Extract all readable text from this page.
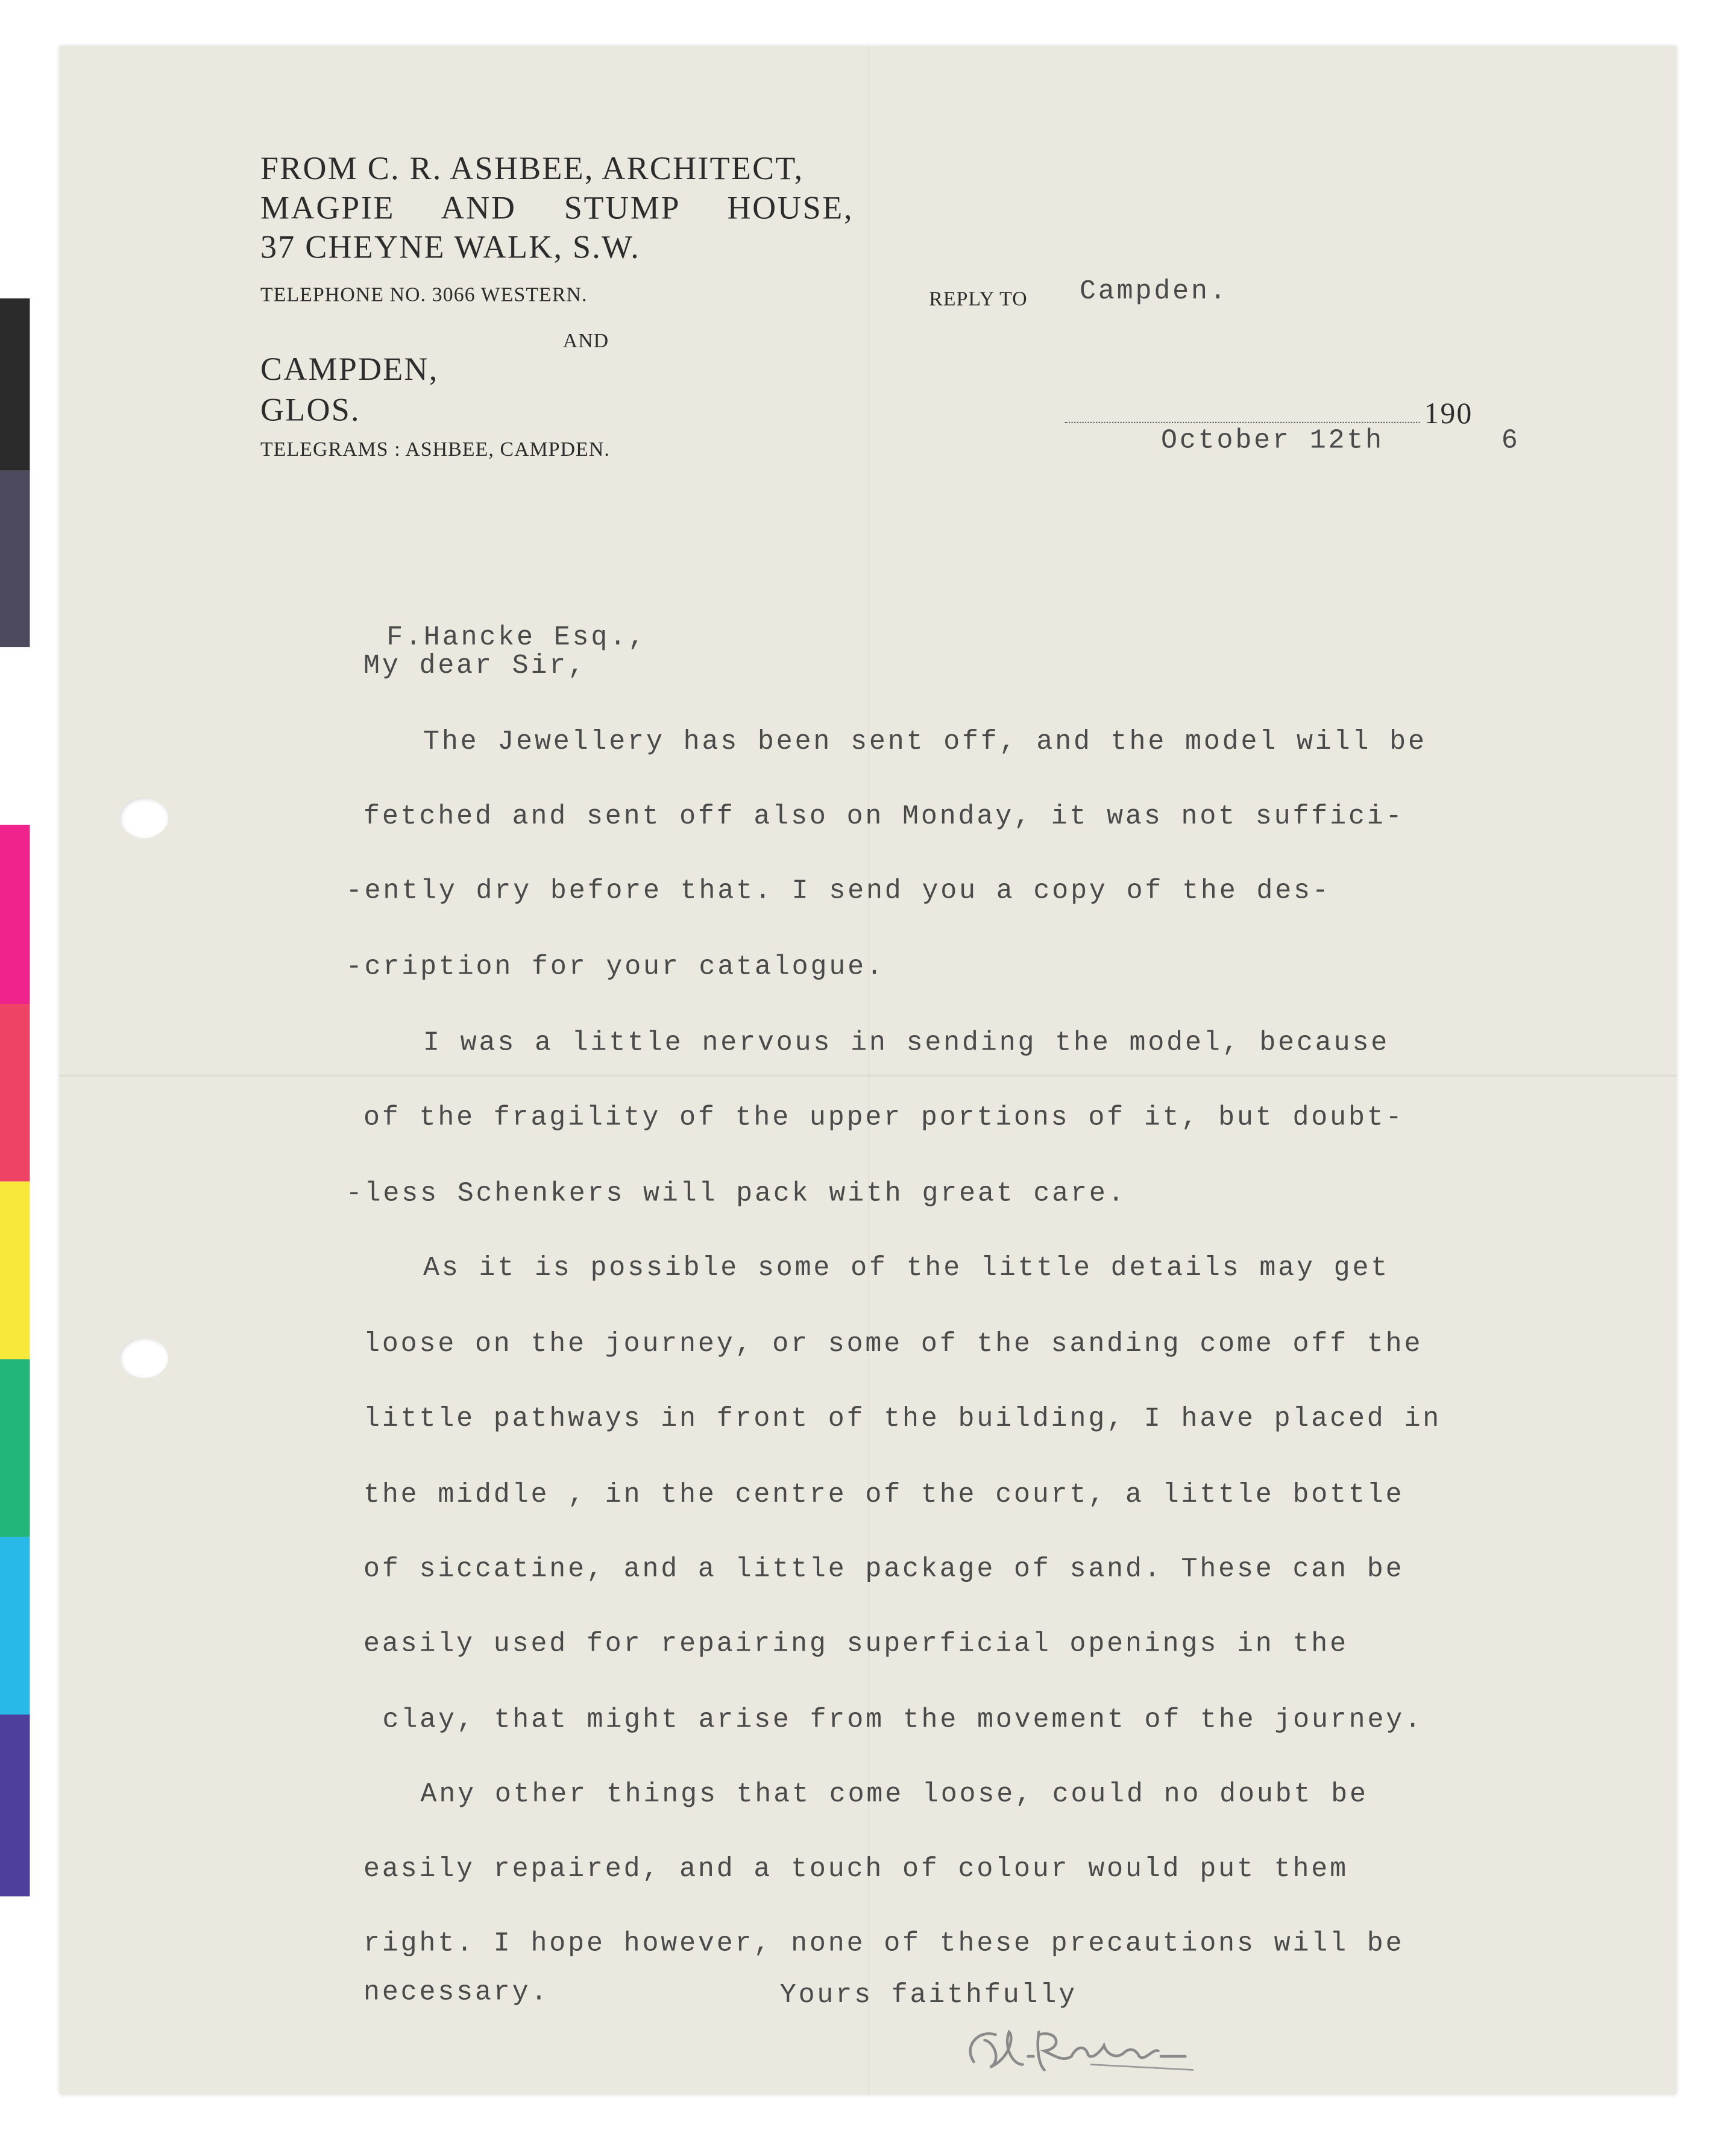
FROM C. R. ASHBEE, ARCHITECT,
MAGPIE AND STUMP HOUSE,
37 CHEYNE WALK, S.W.
TELEPHONE NO. 3066 WESTERN.
AND
CAMPDEN,
GLOS.
TELEGRAMS : ASHBEE, CAMPDEN.
REPLY TO	Campden.
190
October 12th	6
F.Hancke Esq.,
My dear Sir,
The Jewellery has been sent off, and the model will be
fetched and sent off also on Monday, it was not suffici-
-ently dry before that. I send you a copy of the des-
-cription for your catalogue.
I was a little nervous in sending the model, because
of the fragility of the upper portions of it, but doubt-
-less Schenkers will pack with great care.
As it is possible some of the little details may get
loose on the journey, or some of the sanding come off the
little pathways in front of the building, I have placed in
the middle , in the centre of the court, a little bottle
of siccatine, and a little package of sand. These can be
easily used for repairing superficial openings in the
clay, that might arise from the movement of the journey.
Any other things that come loose, could no doubt be
easily repaired, and a touch of colour would put them
right. I hope however, none of these precautions will be
necessary.	Yours faithfully
